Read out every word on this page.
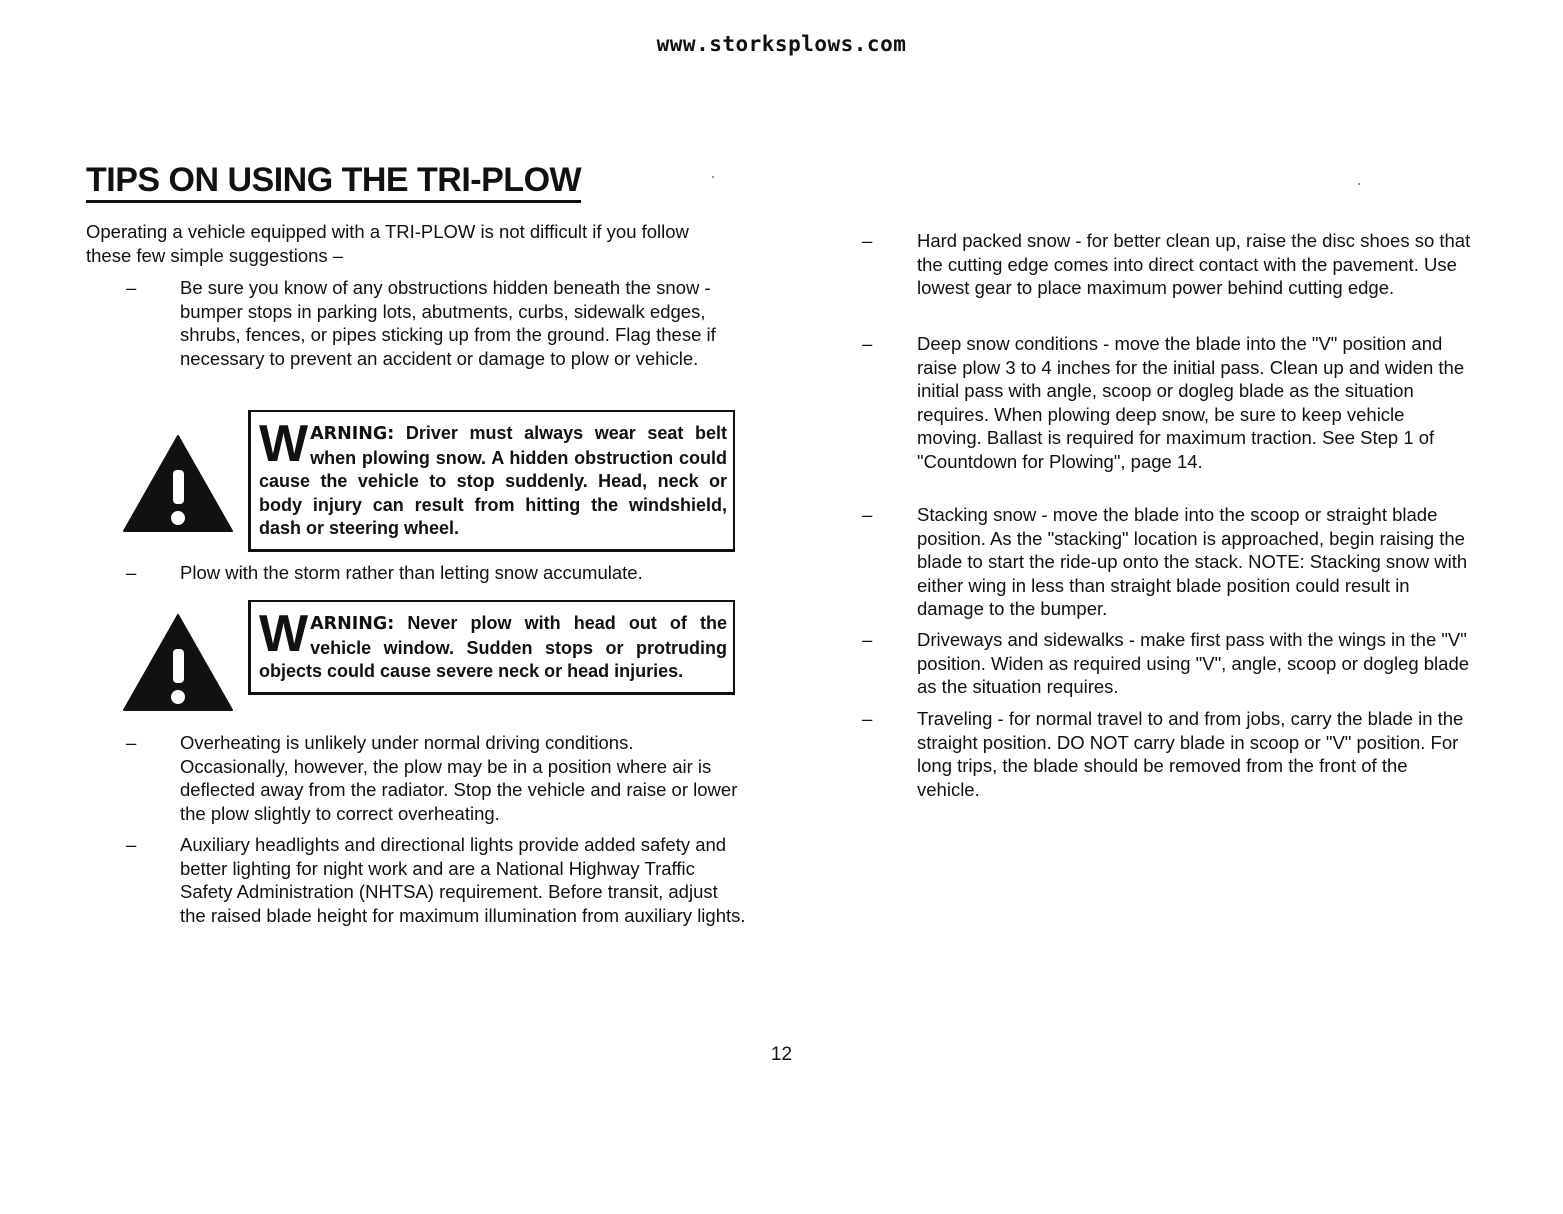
www.storksplows.com
TIPS ON USING THE TRI-PLOW

Operating a vehicle equipped with a TRI-PLOW is not difficult if you follow these few simple suggestions –

–	Be sure you know of any obstructions hidden beneath the snow - bumper stops in parking lots, abutments, curbs, sidewalk edges, shrubs, fences, or pipes sticking up from the ground. Flag these if necessary to prevent an accident or damage to plow or vehicle.
W ARNING: Driver must always wear seat belt when plowing snow. A hidden obstruction could cause the vehicle to stop suddenly. Head, neck or body injury can result from hitting the windshield, dash or steering wheel.
–	Plow with the storm rather than letting snow accumulate.
W ARNING: Never plow with head out of the vehicle window. Sudden stops or protruding objects could cause severe neck or head injuries.
–	Overheating is unlikely under normal driving conditions. Occasionally, however, the plow may be in a position where air is deflected away from the radiator. Stop the vehicle and raise or lower the plow slightly to correct overheating.
–	Auxiliary headlights and directional lights provide added safety and better lighting for night work and are a National Highway Traffic Safety Administration (NHTSA) requirement. Before transit, adjust the raised blade height for maximum illumination from auxiliary lights.
–	Hard packed snow - for better clean up, raise the disc shoes so that the cutting edge comes into direct contact with the pavement. Use lowest gear to place maximum power behind cutting edge.
–	Deep snow conditions - move the blade into the "V" position and raise plow 3 to 4 inches for the initial pass. Clean up and widen the initial pass with angle, scoop or dogleg blade as the situation requires. When plowing deep snow, be sure to keep vehicle moving. Ballast is required for maximum traction. See Step 1 of "Countdown for Plowing", page 14.
–	Stacking snow - move the blade into the scoop or straight blade position. As the "stacking" location is approached, begin raising the blade to start the ride-up onto the stack. NOTE: Stacking snow with either wing in less than straight blade position could result in damage to the bumper.
–	Driveways and sidewalks - make first pass with the wings in the "V" position. Widen as required using "V", angle, scoop or dogleg blade as the situation requires.
–	Traveling - for normal travel to and from jobs, carry the blade in the straight position. DO NOT carry blade in scoop or "V" position. For long trips, the blade should be removed from the front of the vehicle.
12
